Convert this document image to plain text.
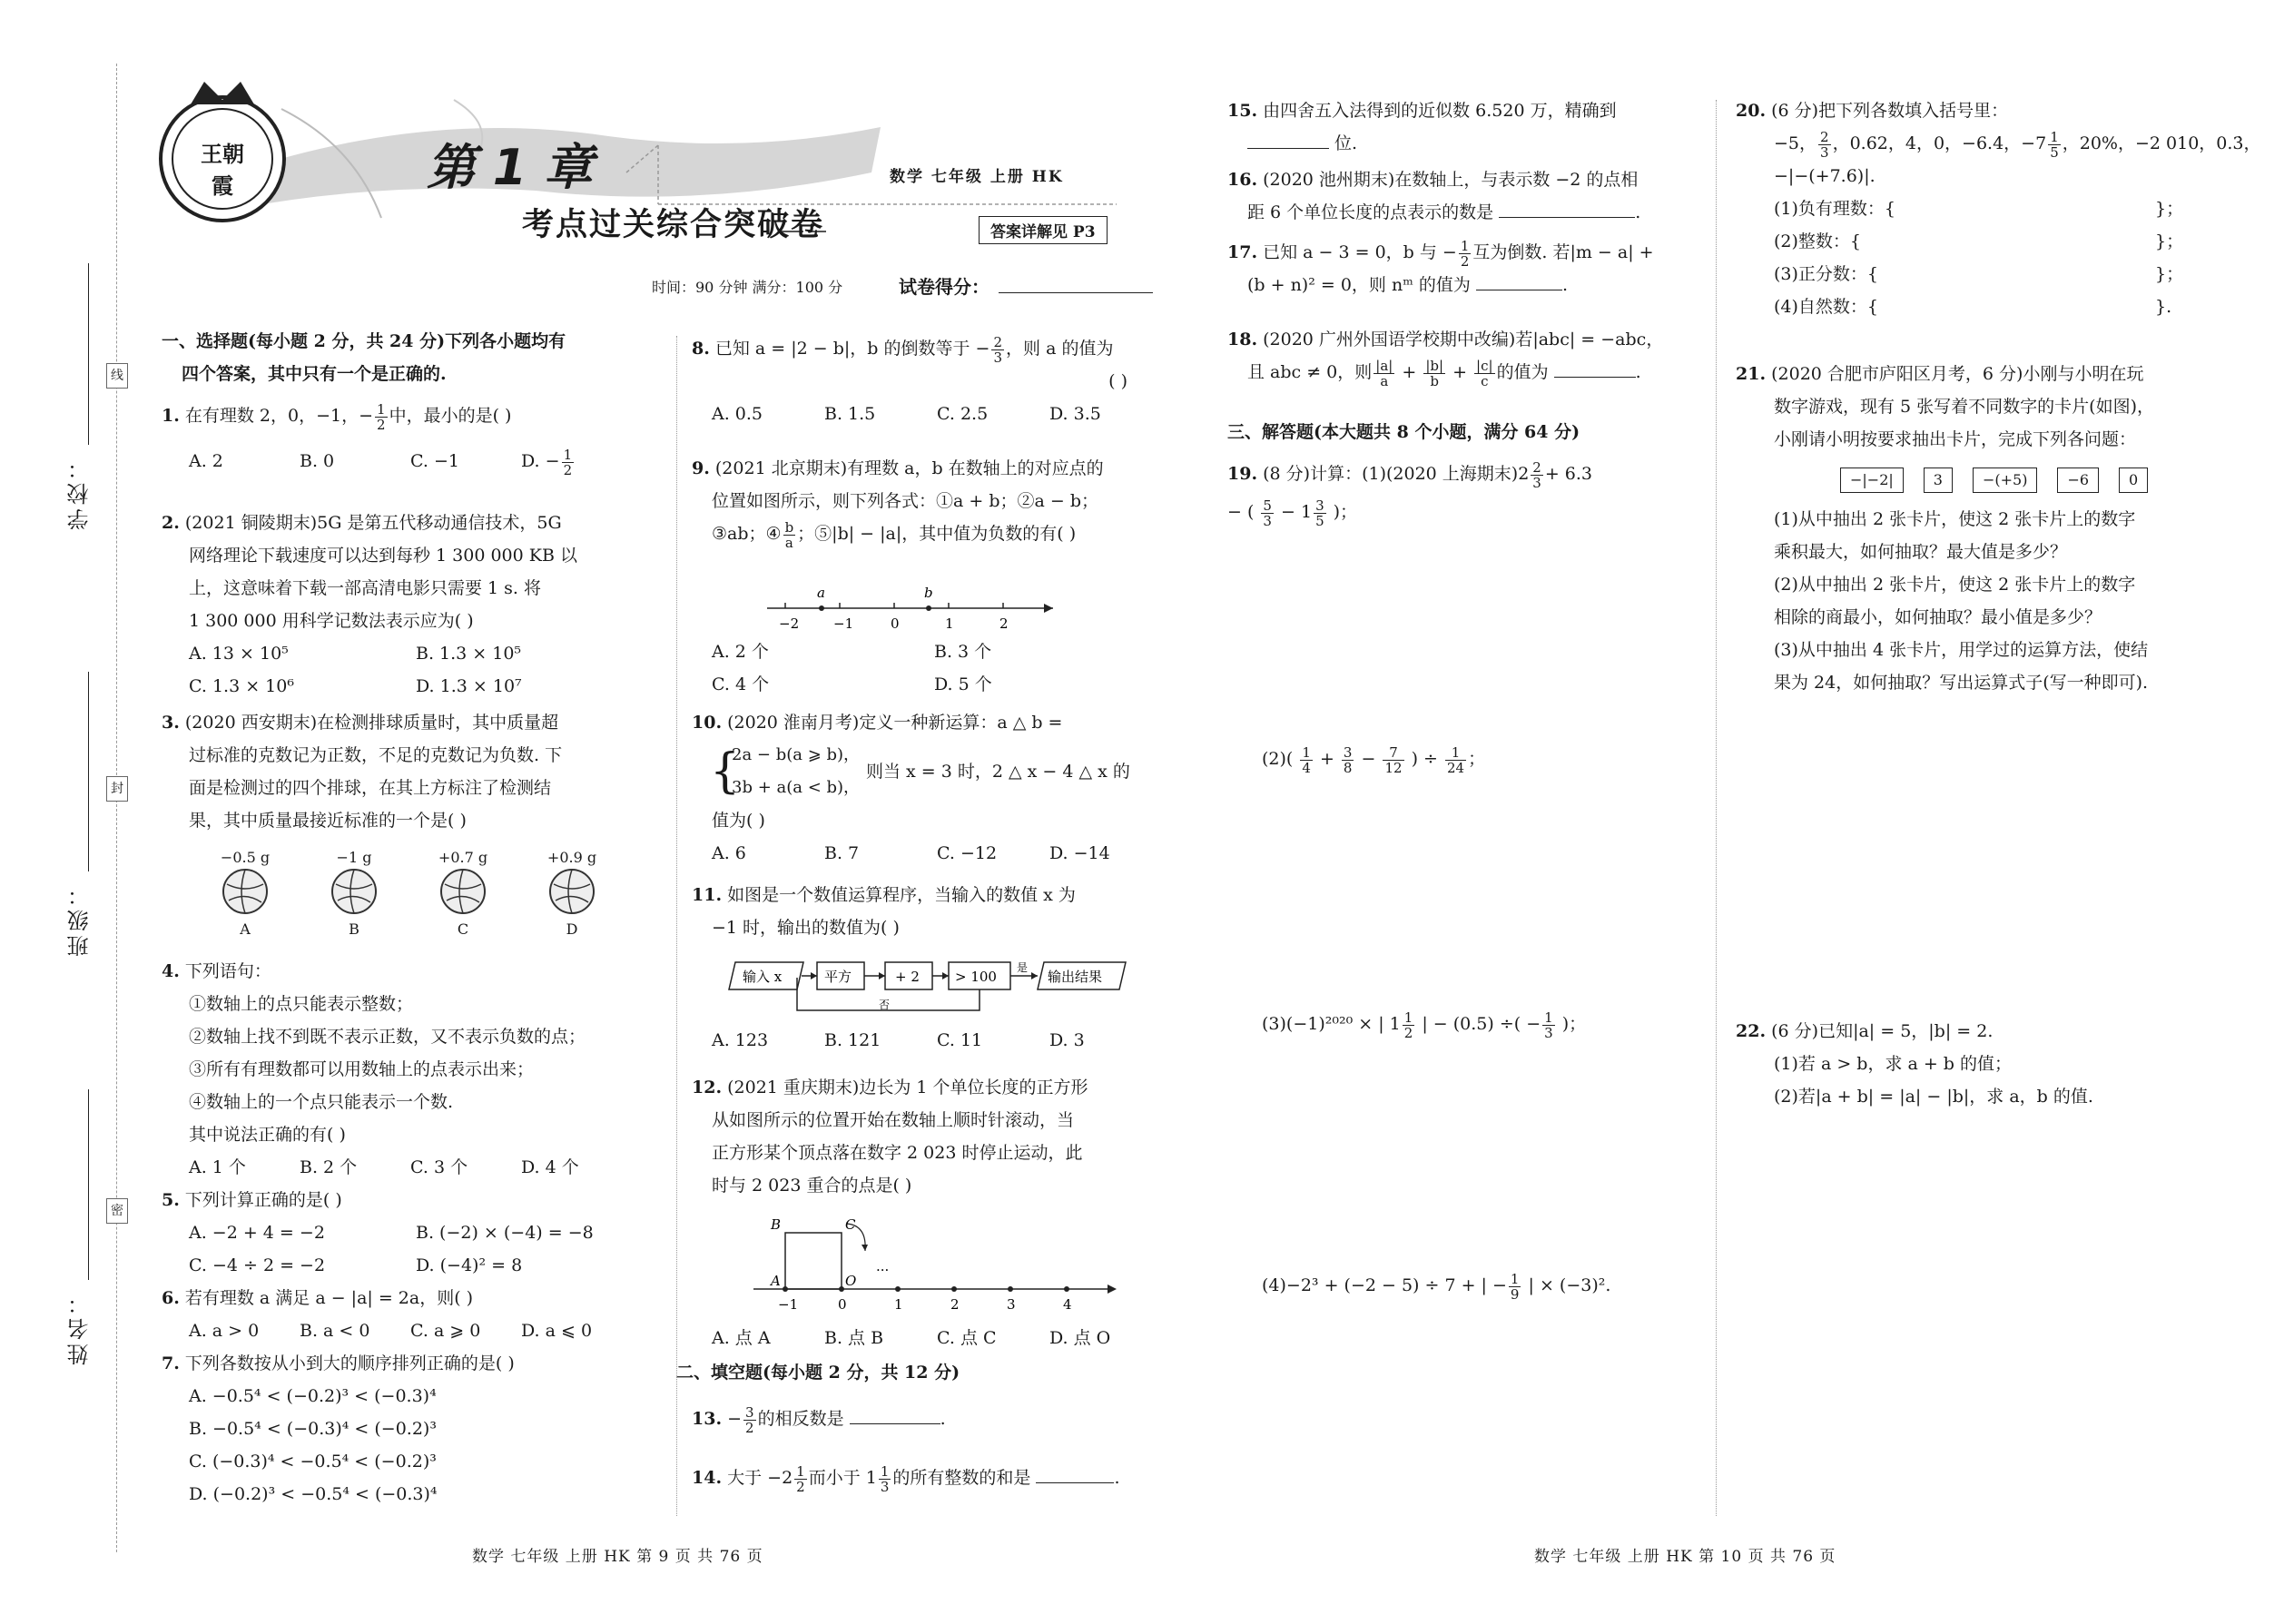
学校：
班级：
姓名：
线
封
密
王朝霞	第 1 章
考点过关综合突破卷
数学 七年级 上册 HK
答案详解见 P3
时间：90 分钟 满分：100 分	试卷得分：

一、选择题(每小题 2 分，共 24 分)下列各小题均有

四个答案，其中只有一个是正确的.

1. 在有理数 2，0，−1，− $\frac{1}{2}$ 中，最小的是( )

A. 2	B. 0	C. −1	D. − $\frac{1}{2}$

2. (2021 铜陵期末)5G 是第五代移动通信技术，5G

网络理论下载速度可以达到每秒 1 300 000 KB 以

上，这意味着下载一部高清电影只需要 1 s. 将

1 300 000 用科学记数法表示应为( )

A. 13 × 10⁵	B. 1.3 × 10⁵

C. 1.3 × 10⁶	D. 1.3 × 10⁷

3. (2020 西安期末)在检测排球质量时，其中质量超

过标准的克数记为正数，不足的克数记为负数. 下

面是检测过的四个排球，在其上方标注了检测结

果，其中质量最接近标准的一个是( )

−0.5 g
A
−1 g
B
+0.7 g
C
+0.9 g
D

4. 下列语句：

①数轴上的点只能表示整数；

②数轴上找不到既不表示正数，又不表示负数的点；

③所有有理数都可以用数轴上的点表示出来；

④数轴上的一个点只能表示一个数.

其中说法正确的有( )

A. 1 个	B. 2 个	C. 3 个	D. 4 个

5. 下列计算正确的是( )

A. −2 + 4 = −2	B. (−2) × (−4) = −8

C. −4 ÷ 2 = −2	D. (−4)² = 8

6. 若有理数 a 满足 a − |a| = 2a，则( )

A. a > 0	B. a < 0	C. a ⩾ 0	D. a ⩽ 0

7. 下列各数按从小到大的顺序排列正确的是( )

A. −0.5⁴ < (−0.2)³ < (−0.3)⁴

B. −0.5⁴ < (−0.3)⁴ < (−0.2)³

C. (−0.3)⁴ < −0.5⁴ < (−0.2)³

D. (−0.2)³ < −0.5⁴ < (−0.3)⁴

8. 已知 a = |2 − b|，b 的倒数等于 − $\frac{2}{3}$ ，则 a 的值为

( )

A. 0.5	B. 1.5	C. 2.5	D. 3.5

9. (2021 北京期末)有理数 a，b 在数轴上的对应点的

位置如图所示，则下列各式：①a + b；②a − b；

③ab；④ $\frac{b}{a}$ ；⑤|b| − |a|，其中值为负数的有( )

−2	−1	0	1	2
a	b

A. 2 个	B. 3 个

C. 4 个	D. 5 个

10. (2020 淮南月考)定义一种新运算：a △ b =

{
2a − b(a ⩾ b)，
3b + a(a < b)，
则当 x = 3 时，2 △ x − 4 △ x 的

值为( )

A. 6	B. 7	C. −12	D. −14

11. 如图是一个数值运算程序，当输入的数值 x 为

−1 时，输出的数值为( )

输入 x	平方	+ 2	> 100
是
输出结果
否

A. 123	B. 121	C. 11	D. 3

12. (2021 重庆期末)边长为 1 个单位长度的正方形

从如图所示的位置开始在数轴上顺时针滚动，当

正方形某个顶点落在数字 2 023 时停止运动，此

时与 2 023 重合的点是( )

...
B	C
A	O
−1	0	1	2	3	4

A. 点 A	B. 点 B	C. 点 C	D. 点 O

二、填空题(每小题 2 分，共 12 分)

13. − $\frac{3}{2}$ 的相反数是	.

14. 大于 $-2 \frac{1}{2}$ 而小于 $1 \frac{1}{3}$ 的所有整数的和是	.

15. 由四舍五入法得到的近似数 6.520 万，精确到

位.

16. (2020 池州期末)在数轴上，与表示数 −2 的点相

距 6 个单位长度的点表示的数是	.

17. 已知 a − 3 = 0，b 与 − $\frac{1}{2}$ 互为倒数. 若|m − a| +

(b + n)² = 0，则 nᵐ 的值为	.

18. (2020 广州外国语学校期中改编)若|abc| = −abc，

且 abc ≠ 0，则 $\frac{|a|}{a} + \frac{|b|}{b} + \frac{|c|}{c}$ 的值为	.

三、解答题(本大题共 8 个小题，满分 64 分)

19. (8 分)计算：(1)(2020 上海期末)$2 \frac{2}{3} + 6.3$

− ( $\frac{5}{3} - 1 \frac{3}{5}$ )；

$(2)( \frac{1}{4} + \frac{3}{8} - \frac{7}{12}$ ) ÷ $\frac{1}{24}$ ；

(3)(−1)²⁰²⁰ × | $1 \frac{1}{2}$ | − (0.5) ÷( − $\frac{1}{3}$ )；

(4)−2³ + (−2 − 5) ÷ 7 + | − $\frac{1}{9}$ | × (−3)².

20. (6 分)把下列各数填入括号里：

−5， $\frac{2}{3}$ ，0.62，4，0，−6.4，$-7 \frac{1}{5}$ ，20%，−2 010，0.3̇，

−|−(+7.6)|.

(1)负有理数：{	}；

(2)整数：{	}；

(3)正分数：{	}；

(4)自然数：{	}.

21. (2020 合肥市庐阳区月考，6 分)小刚与小明在玩

数字游戏，现有 5 张写着不同数字的卡片(如图)，

小刚请小明按要求抽出卡片，完成下列各问题：

−|−2|	3	−(+5)	−6	0

(1)从中抽出 2 张卡片，使这 2 张卡片上的数字

乘积最大，如何抽取？最大值是多少？

(2)从中抽出 2 张卡片，使这 2 张卡片上的数字

相除的商最小，如何抽取？最小值是多少？

(3)从中抽出 4 张卡片，用学过的运算方法，使结

果为 24，如何抽取？写出运算式子(写一种即可).

22. (6 分)已知|a| = 5，|b| = 2.

(1)若 a > b，求 a + b 的值；

(2)若|a + b| = |a| − |b|，求 a，b 的值.

数学 七年级 上册 HK 第 9 页 共 76 页	数学 七年级 上册 HK 第 10 页 共 76 页
